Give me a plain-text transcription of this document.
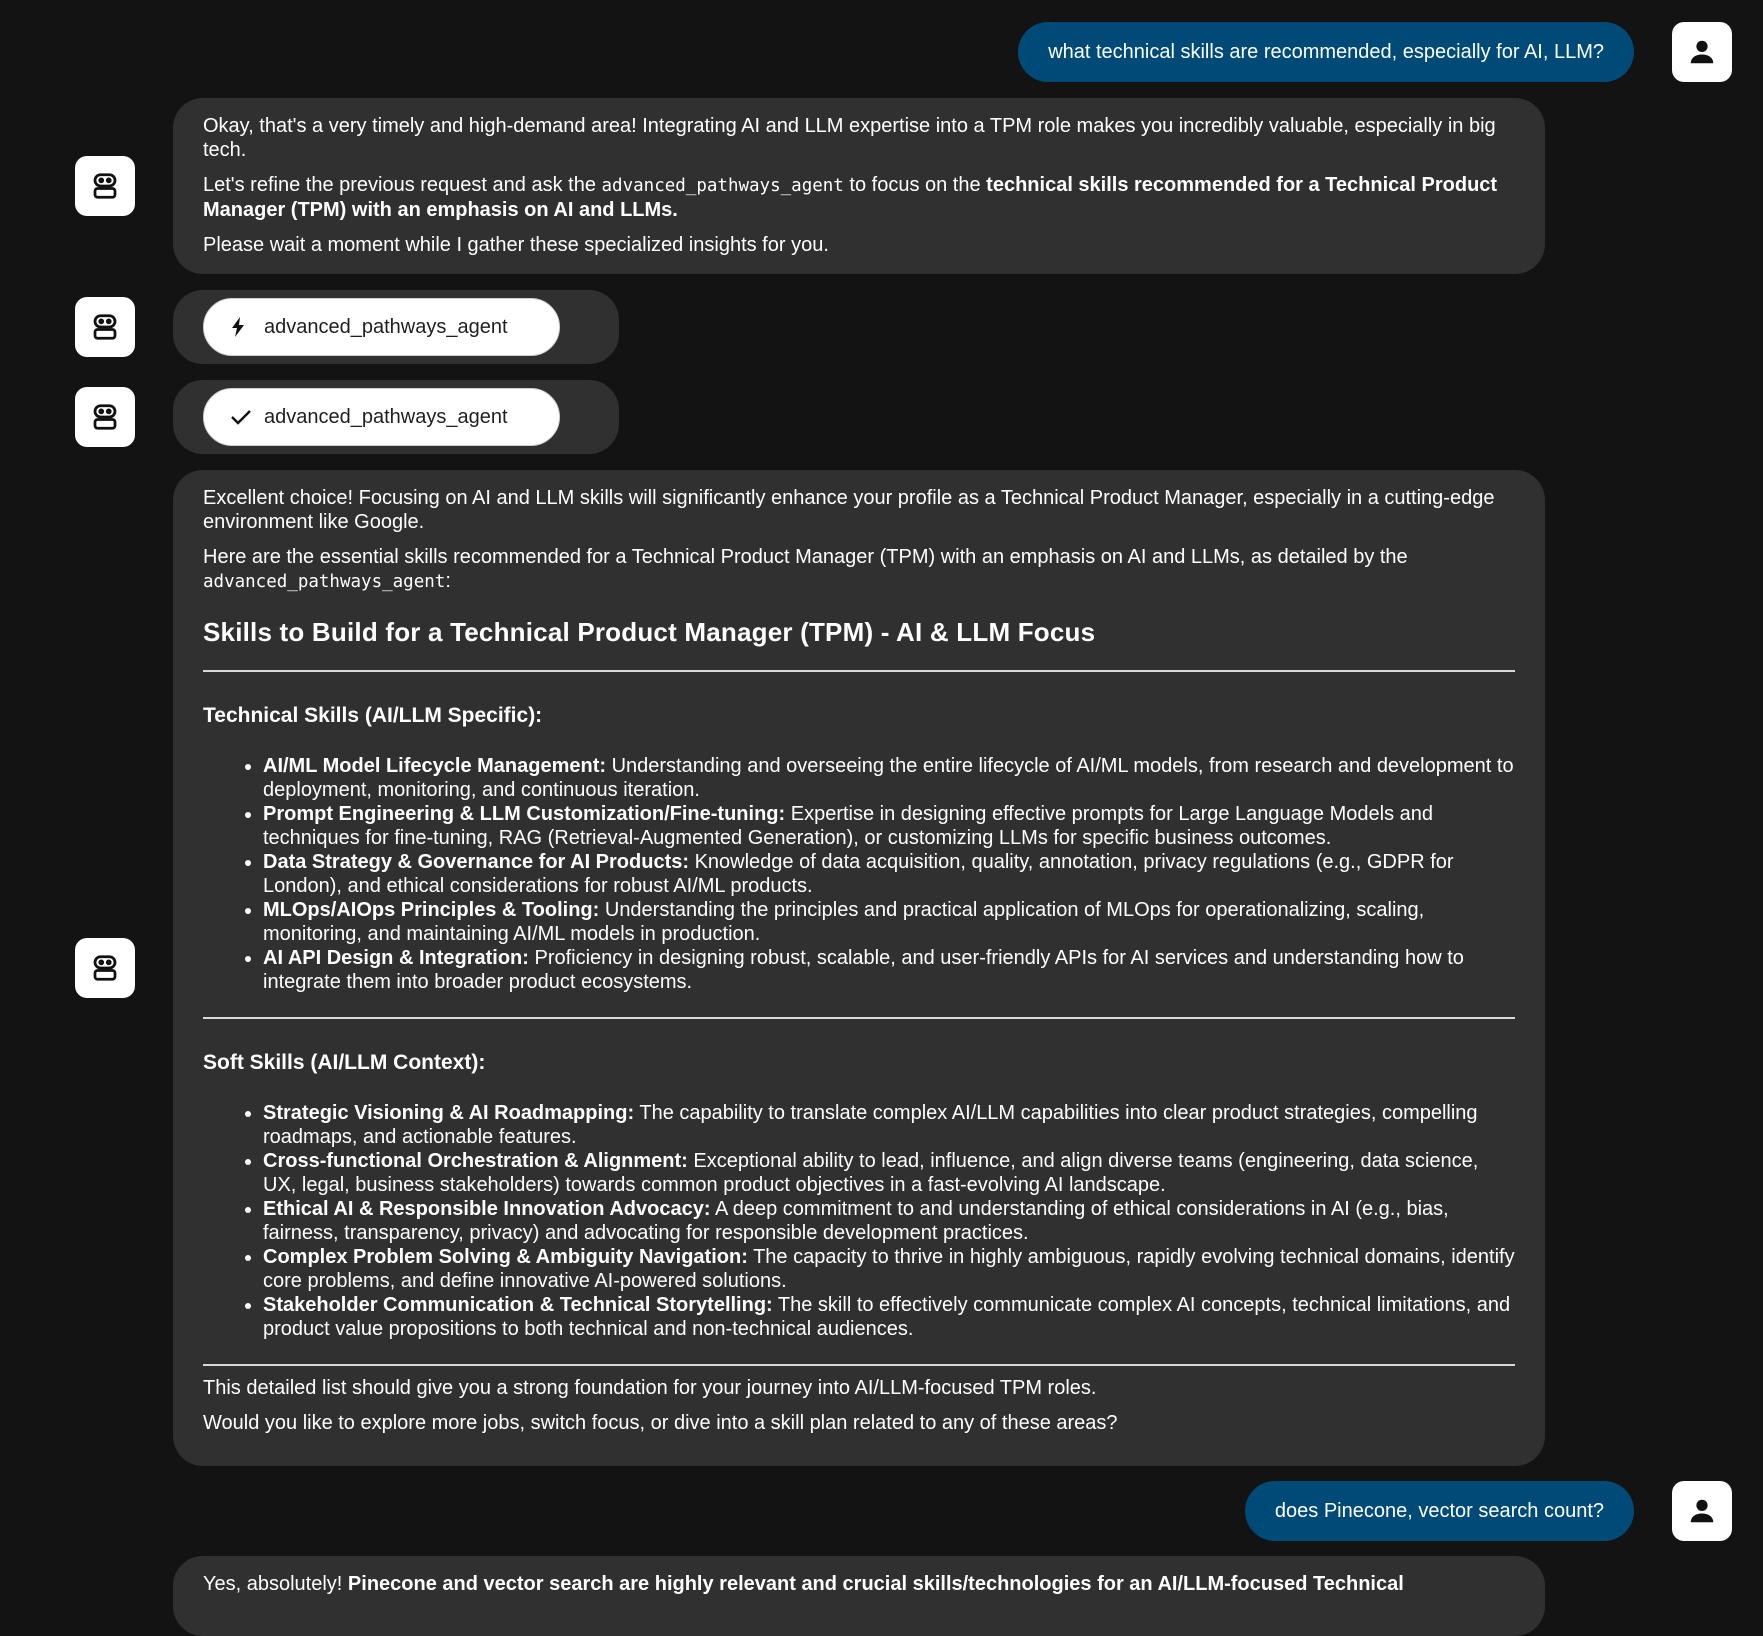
what technical skills are recommended, especially for AI, LLM?

Okay, that's a very timely and high-demand area! Integrating AI and LLM expertise into a TPM role makes you incredibly valuable, especially in big tech.

Let's refine the previous request and ask the advanced_pathways_agent to focus on the technical skills recommended for a Technical Product Manager (TPM) with an emphasis on AI and LLMs.

Please wait a moment while I gather these specialized insights for you.

advanced_pathways_agent
advanced_pathways_agent

Excellent choice! Focusing on AI and LLM skills will significantly enhance your profile as a Technical Product Manager, especially in a cutting-edge environment like Google.

Here are the essential skills recommended for a Technical Product Manager (TPM) with an emphasis on AI and LLMs, as detailed by the advanced_pathways_agent:

Skills to Build for a Technical Product Manager (TPM) - AI & LLM Focus
Technical Skills (AI/LLM Specific):
• AI/ML Model Lifecycle Management: Understanding and overseeing the entire lifecycle of AI/ML models, from research and development to deployment, monitoring, and continuous iteration.
• Prompt Engineering & LLM Customization/Fine-tuning: Expertise in designing effective prompts for Large Language Models and techniques for fine-tuning, RAG (Retrieval-Augmented Generation), or customizing LLMs for specific business outcomes.
• Data Strategy & Governance for AI Products: Knowledge of data acquisition, quality, annotation, privacy regulations (e.g., GDPR for London), and ethical considerations for robust AI/ML products.
• MLOps/AIOps Principles & Tooling: Understanding the principles and practical application of MLOps for operationalizing, scaling, monitoring, and maintaining AI/ML models in production.
• AI API Design & Integration: Proficiency in designing robust, scalable, and user-friendly APIs for AI services and understanding how to integrate them into broader product ecosystems.
Soft Skills (AI/LLM Context):
• Strategic Visioning & AI Roadmapping: The capability to translate complex AI/LLM capabilities into clear product strategies, compelling roadmaps, and actionable features.
• Cross-functional Orchestration & Alignment: Exceptional ability to lead, influence, and align diverse teams (engineering, data science, UX, legal, business stakeholders) towards common product objectives in a fast-evolving AI landscape.
• Ethical AI & Responsible Innovation Advocacy: A deep commitment to and understanding of ethical considerations in AI (e.g., bias, fairness, transparency, privacy) and advocating for responsible development practices.
• Complex Problem Solving & Ambiguity Navigation: The capacity to thrive in highly ambiguous, rapidly evolving technical domains, identify core problems, and define innovative AI-powered solutions.
• Stakeholder Communication & Technical Storytelling: The skill to effectively communicate complex AI concepts, technical limitations, and product value propositions to both technical and non-technical audiences.

This detailed list should give you a strong foundation for your journey into AI/LLM-focused TPM roles.

Would you like to explore more jobs, switch focus, or dive into a skill plan related to any of these areas?

does Pinecone, vector search count?

Yes, absolutely! Pinecone and vector search are highly relevant and crucial skills/technologies for an AI/LLM-focused Technical
